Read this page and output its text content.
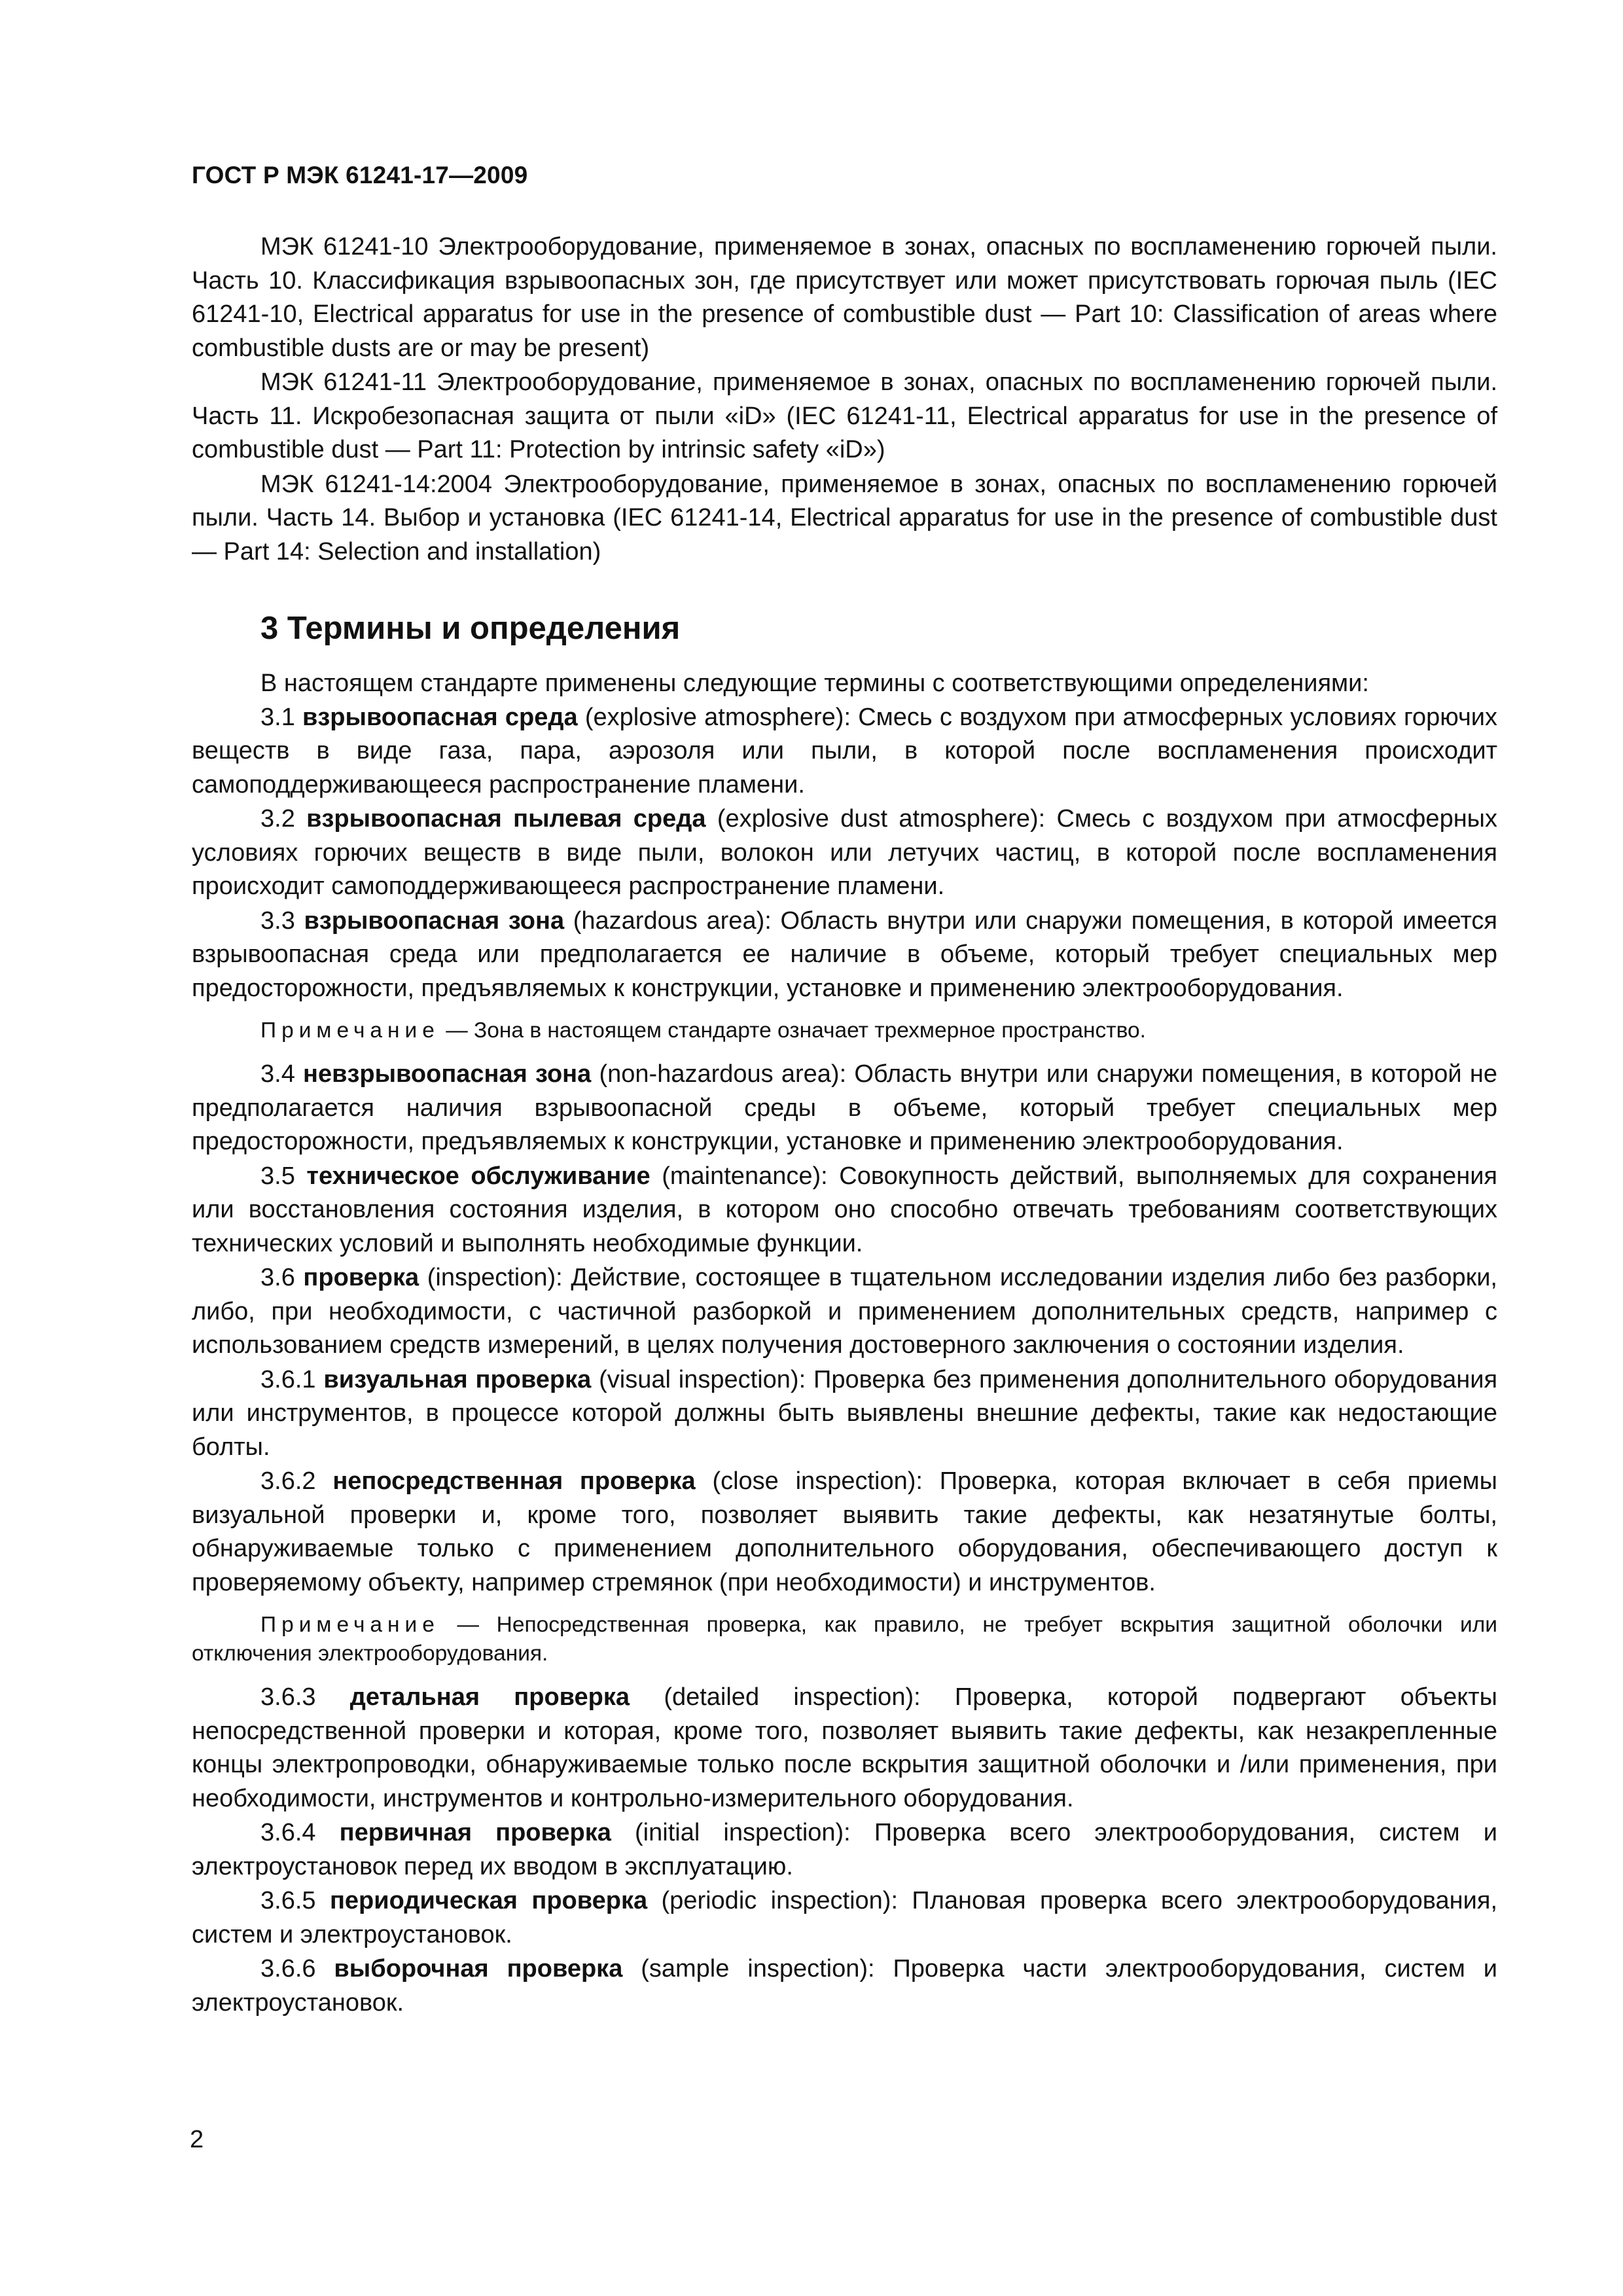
ГОСТ Р МЭК 61241-17—2009

МЭК 61241-10 Электрооборудование, применяемое в зонах, опасных по воспламенению горючей пыли. Часть 10. Классификация взрывоопасных зон, где присутствует или может присутствовать горючая пыль (IEC 61241-10, Electrical apparatus for use in the presence of combustible dust — Part 10: Classification of areas where combustible dusts are or may be present)

МЭК 61241-11 Электрооборудование, применяемое в зонах, опасных по воспламенению горючей пыли. Часть 11. Искробезопасная защита от пыли «iD» (IEC 61241-11, Electrical apparatus for use in the presence of combustible dust — Part 11: Protection by intrinsic safety «iD»)

МЭК 61241-14:2004 Электрооборудование, применяемое в зонах, опасных по воспламенению горючей пыли. Часть 14. Выбор и установка (IEC 61241-14, Electrical apparatus for use in the presence of combustible dust — Part 14: Selection and installation)

3 Термины и определения

В настоящем стандарте применены следующие термины с соответствующими определениями:

3.1 взрывоопасная среда (explosive atmosphere): Смесь с воздухом при атмосферных условиях горючих веществ в виде газа, пара, аэрозоля или пыли, в которой после воспламенения происходит самоподдерживающееся распространение пламени.

3.2 взрывоопасная пылевая среда (explosive dust atmosphere): Смесь с воздухом при атмосферных условиях горючих веществ в виде пыли, волокон или летучих частиц, в которой после воспламенения происходит самоподдерживающееся распространение пламени.

3.3 взрывоопасная зона (hazardous area): Область внутри или снаружи помещения, в которой имеется взрывоопасная среда или предполагается ее наличие в объеме, который требует специальных мер предосторожности, предъявляемых к конструкции, установке и применению электрооборудования.

Примечание — Зона в настоящем стандарте означает трехмерное пространство.

3.4 невзрывоопасная зона (non-hazardous area): Область внутри или снаружи помещения, в которой не предполагается наличия взрывоопасной среды в объеме, который требует специальных мер предосторожности, предъявляемых к конструкции, установке и применению электрооборудования.

3.5 техническое обслуживание (maintenance): Совокупность действий, выполняемых для сохранения или восстановления состояния изделия, в котором оно способно отвечать требованиям соответствующих технических условий и выполнять необходимые функции.

3.6 проверка (inspection): Действие, состоящее в тщательном исследовании изделия либо без разборки, либо, при необходимости, с частичной разборкой и применением дополнительных средств, например с использованием средств измерений, в целях получения достоверного заключения о состоянии изделия.

3.6.1 визуальная проверка (visual inspection): Проверка без применения дополнительного оборудования или инструментов, в процессе которой должны быть выявлены внешние дефекты, такие как недостающие болты.

3.6.2 непосредственная проверка (close inspection): Проверка, которая включает в себя приемы визуальной проверки и, кроме того, позволяет выявить такие дефекты, как незатянутые болты, обнаруживаемые только с применением дополнительного оборудования, обеспечивающего доступ к проверяемому объекту, например стремянок (при необходимости) и инструментов.

Примечание — Непосредственная проверка, как правило, не требует вскрытия защитной оболочки или отключения электрооборудования.

3.6.3 детальная проверка (detailed inspection): Проверка, которой подвергают объекты непосредственной проверки и которая, кроме того, позволяет выявить такие дефекты, как незакрепленные концы электропроводки, обнаруживаемые только после вскрытия защитной оболочки и /или применения, при необходимости, инструментов и контрольно-измерительного оборудования.

3.6.4 первичная проверка (initial inspection): Проверка всего электрооборудования, систем и электроустановок перед их вводом в эксплуатацию.

3.6.5 периодическая проверка (periodic inspection): Плановая проверка всего электрооборудования, систем и электроустановок.

3.6.6 выборочная проверка (sample inspection): Проверка части электрооборудования, систем и электроустановок.

2
